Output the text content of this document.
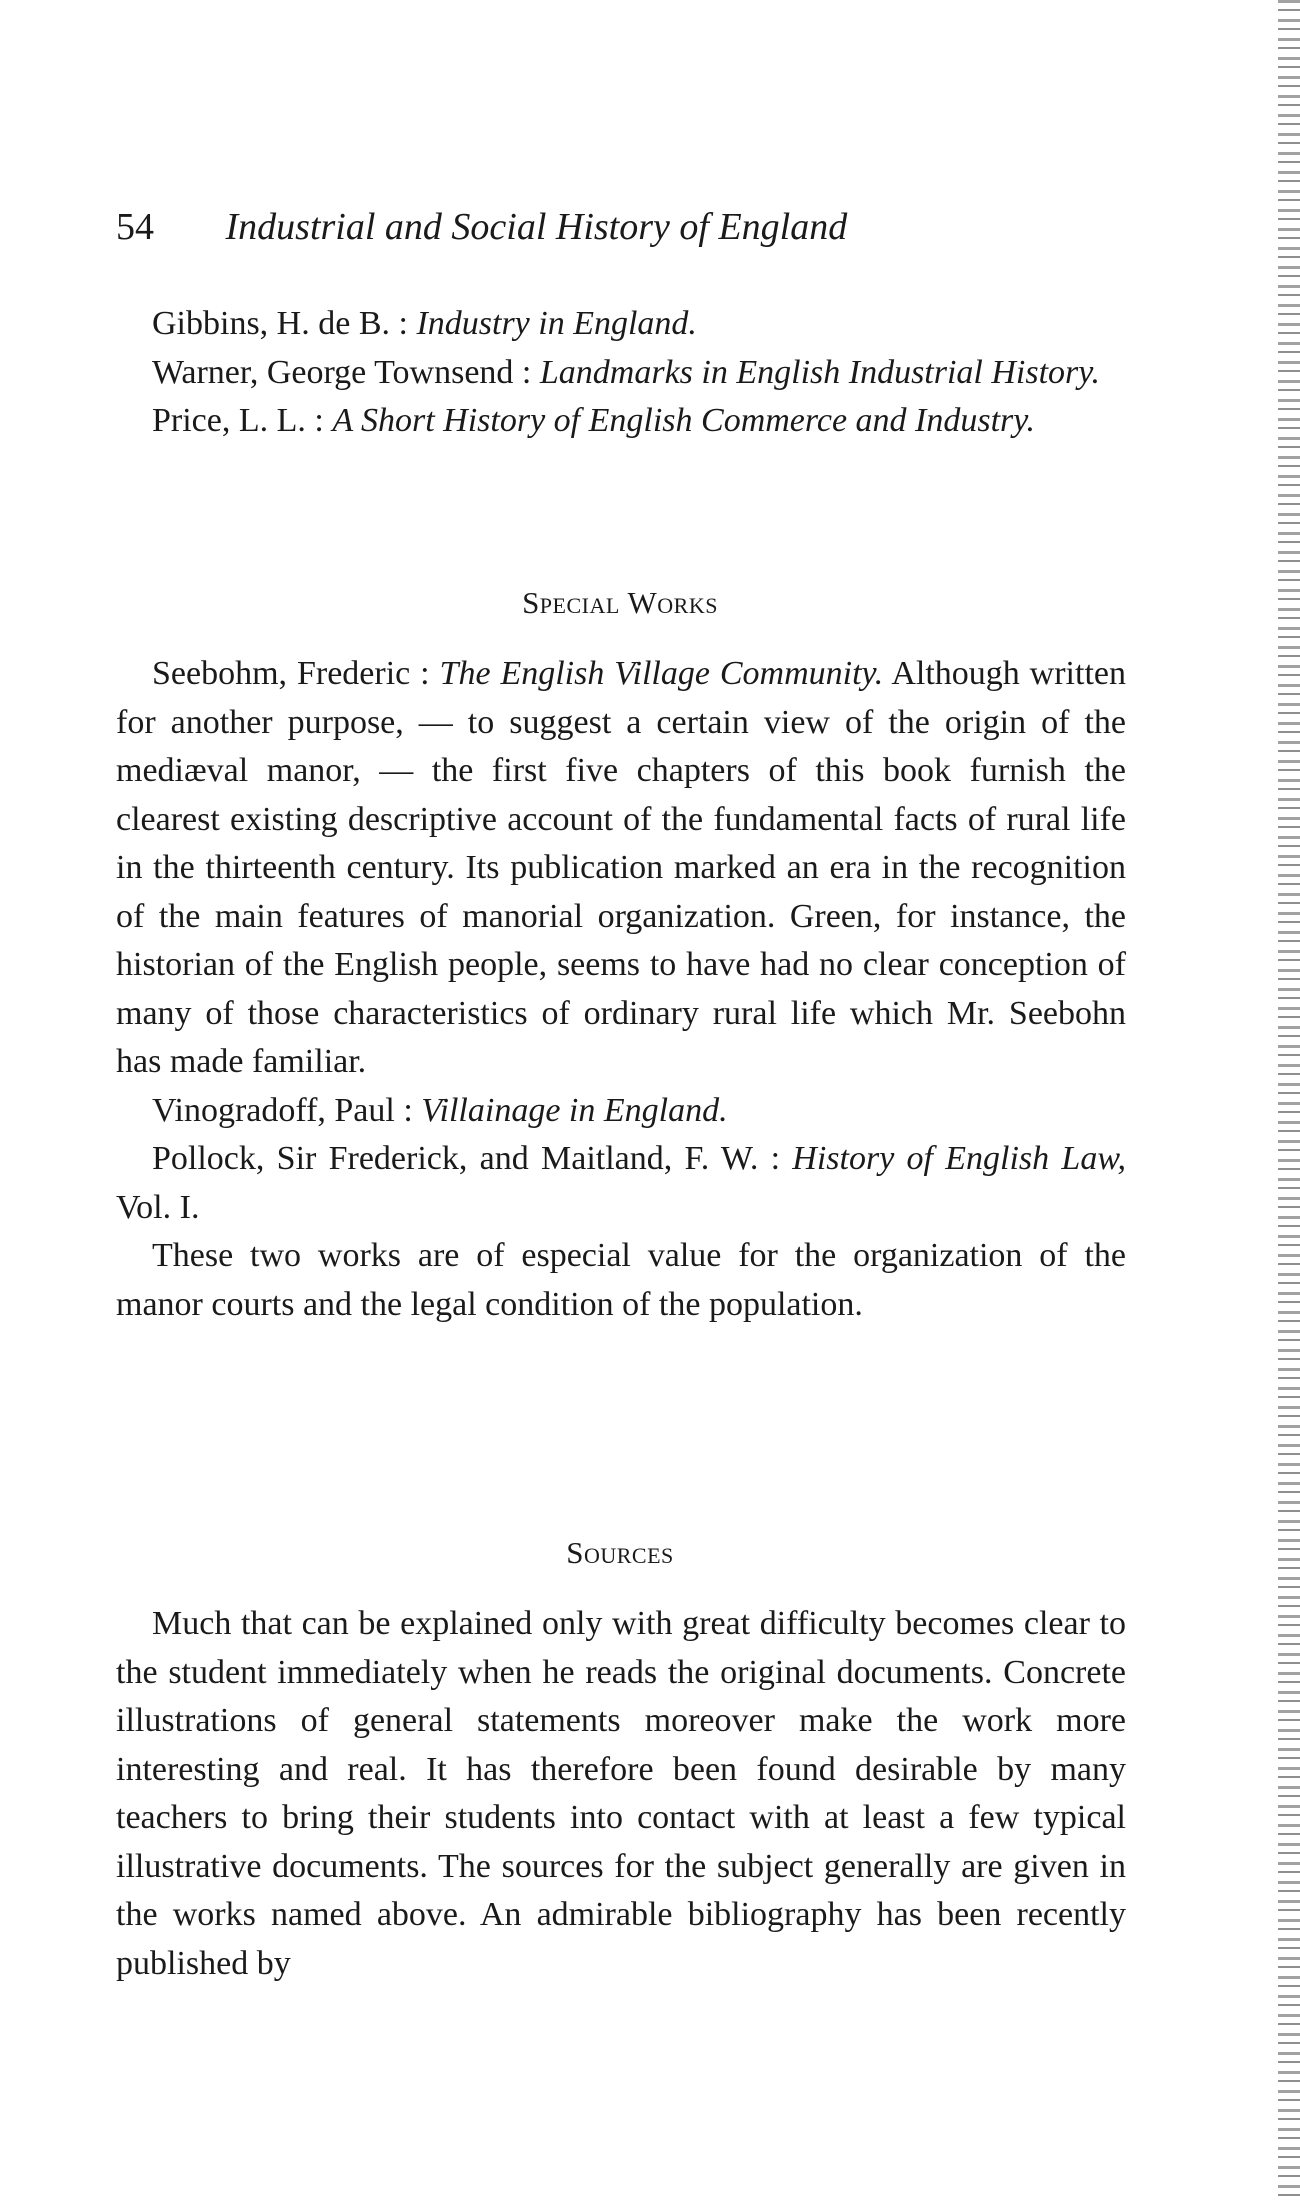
54 Industrial and Social History of England

Gibbins, H. de B. : Industry in England.

Warner, George Townsend : Landmarks in English Industrial History.

Price, L. L. : A Short History of English Commerce and Industry.

Special Works

Seebohm, Frederic : The English Village Community. Although written for another purpose, — to suggest a certain view of the origin of the mediæval manor, — the first five chapters of this book furnish the clearest existing descriptive account of the fundamental facts of rural life in the thirteenth century. Its publication marked an era in the recognition of the main features of manorial organization. Green, for instance, the historian of the English people, seems to have had no clear conception of many of those characteristics of ordinary rural life which Mr. Seebohn has made familiar.

Vinogradoff, Paul : Villainage in England.

Pollock, Sir Frederick, and Maitland, F. W. : History of English Law, Vol. I.

These two works are of especial value for the organization of the manor courts and the legal condition of the population.

Sources

Much that can be explained only with great difficulty becomes clear to the student immediately when he reads the original documents. Concrete illustrations of general statements moreover make the work more interesting and real. It has therefore been found desirable by many teachers to bring their students into contact with at least a few typical illustrative documents. The sources for the subject generally are given in the works named above. An admirable bibliography has been recently published by
